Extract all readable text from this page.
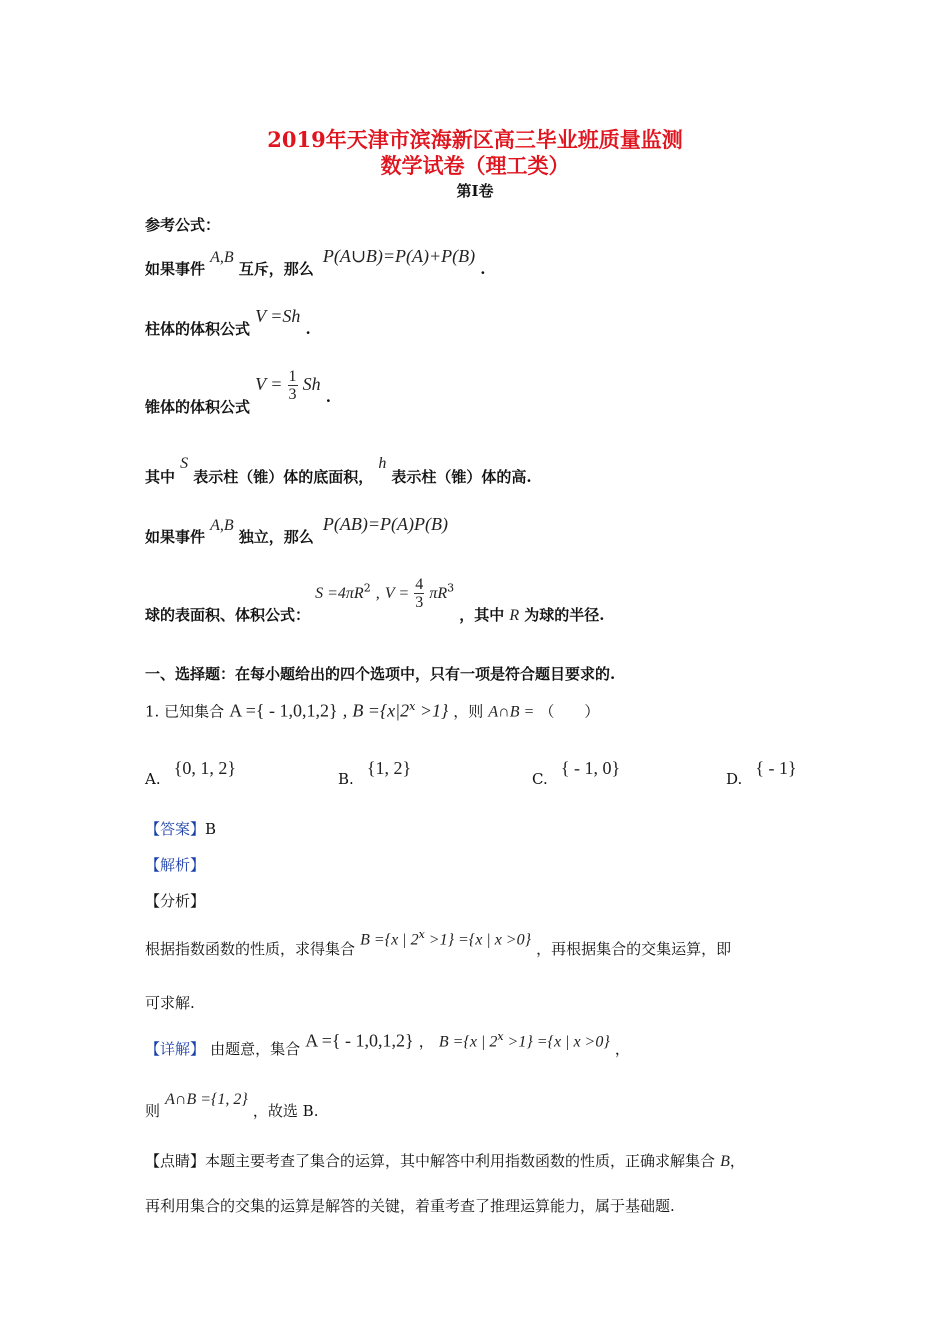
2019年天津市滨海新区高三毕业班质量监测
数学试卷（理工类）
第Ⅰ卷
参考公式：
如果事件 A,B 互斥，那么 P(A∪B)=P(A)+P(B) .
柱体的体积公式 V =Sh .
锥体的体积公式 $V = \frac{1}{3}$ Sh .
其中 S 表示柱（锥）体的底面积， h 表示柱（锥）体的高.
如果事件 A,B 独立，那么 P(AB)=P(A)P(B)
球的表面积、体积公式： $S =4\pi R^2$ , $V = \frac{4}{3} \pi R^3$ ，其中 R 为球的半径.
一、选择题：在每小题给出的四个选项中，只有一项是符合题目要求的.
1. 已知集合 A ={ - 1,0,1,2} , $B =\{x|2^x >1\}$ ，则 A∩B = （　　）
A. {0, 1, 2}
B. {1, 2}
C. { - 1, 0}
D. { - 1}
【答案】B
【解析】
【分析】
根据指数函数的性质，求得集合 B ={x | $2^x >1\} =\{x$ | x >0} ，再根据集合的交集运算，即
可求解.
【详解】 由题意，集合 A ={ - 1,0,1,2} ， B ={x | $2^x >1\} =\{x$ | x >0} ，
则 A∩B ={1, 2} ，故选 B.
【点睛】本题主要考查了集合的运算，其中解答中利用指数函数的性质，正确求解集合 B，
再利用集合的交集的运算是解答的关键，着重考查了推理运算能力，属于基础题.
